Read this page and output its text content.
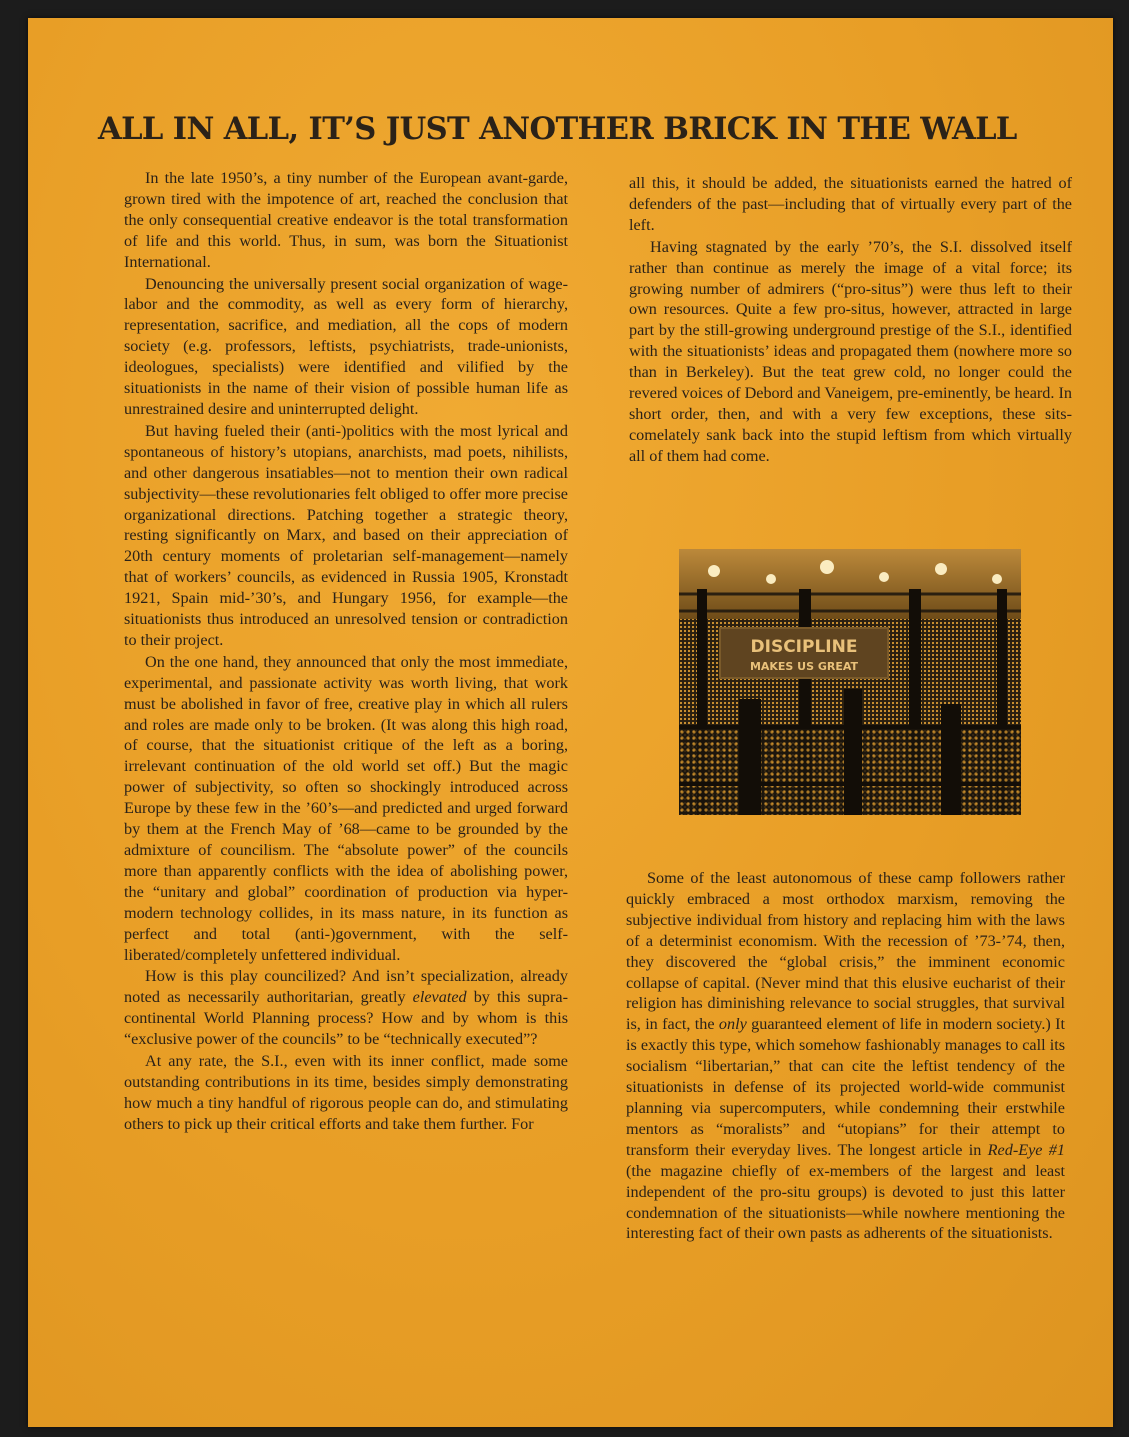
ALL IN ALL, IT’S JUST ANOTHER BRICK IN THE WALL

In the late 1950’s, a tiny number of the European avant-garde, grown tired with the impotence of art, reached the conclusion that the only consequential creative endeavor is the total transformation of life and this world. Thus, in sum, was born the Situationist International.

Denouncing the universally present social organization of wage-labor and the commodity, as well as every form of hierarchy, representation, sacrifice, and mediation, all the cops of modern society (e.g. professors, leftists, psychiatrists, trade-unionists, ideologues, specialists) were identified and vilified by the situationists in the name of their vision of possible human life as unrestrained desire and uninterrupted delight.

But having fueled their (anti-)politics with the most lyrical and spontaneous of history’s utopians, anarchists, mad poets, nihilists, and other dangerous insatiables—not to mention their own radical subjectivity—these revolutionaries felt obliged to offer more precise organizational directions. Patching together a strategic theory, resting significantly on Marx, and based on their appreciation of 20th century moments of proletarian self-management—namely that of workers’ councils, as evidenced in Russia 1905, Kronstadt 1921, Spain mid-’30’s, and Hungary 1956, for example—the situationists thus introduced an unresolved tension or contradiction to their project.

On the one hand, they announced that only the most immediate, experimental, and passionate activity was worth living, that work must be abolished in favor of free, creative play in which all rulers and roles are made only to be broken. (It was along this high road, of course, that the situationist critique of the left as a boring, irrelevant continuation of the old world set off.) But the magic power of subjectivity, so often so shockingly introduced across Europe by these few in the ’60’s—and predicted and urged forward by them at the French May of ’68—came to be grounded by the admixture of councilism. The “absolute power” of the councils more than apparently conflicts with the idea of abolishing power, the “unitary and global” coordination of production via hyper-modern technology collides, in its mass nature, in its function as perfect and total (anti-)government, with the self-liberated/completely unfettered individual.

How is this play councilized? And isn’t specialization, already noted as necessarily authoritarian, greatly elevated by this supra-continental World Planning process? How and by whom is this “exclusive power of the councils” to be “technically executed”?

At any rate, the S.I., even with its inner conflict, made some outstanding contributions in its time, besides simply demonstrating how much a tiny handful of rigorous people can do, and stimulating others to pick up their critical efforts and take them further. For

all this, it should be added, the situationists earned the hatred of defenders of the past—including that of virtually every part of the left.

Having stagnated by the early ’70’s, the S.I. dissolved itself rather than continue as merely the image of a vital force; its growing number of admirers (“pro-situs”) were thus left to their own resources. Quite a few pro-situs, however, attracted in large part by the still-growing underground prestige of the S.I., identified with the situationists’ ideas and propagated them (nowhere more so than in Berkeley). But the teat grew cold, no longer could the revered voices of Debord and Vaneigem, pre-eminently, be heard. In short order, then, and with a very few exceptions, these sits-comelately sank back into the stupid leftism from which virtually all of them had come.

DISCIPLINE
MAKES US GREAT

Some of the least autonomous of these camp followers rather quickly embraced a most orthodox marxism, removing the subjective individual from history and replacing him with the laws of a determinist economism. With the recession of ’73-’74, then, they discovered the “global crisis,” the imminent economic collapse of capital. (Never mind that this elusive eucharist of their religion has diminishing relevance to social struggles, that survival is, in fact, the only guaranteed element of life in modern society.) It is exactly this type, which somehow fashionably manages to call its socialism “libertarian,” that can cite the leftist tendency of the situationists in defense of its projected world-wide communist planning via supercomputers, while condemning their erstwhile mentors as “moralists” and “utopians” for their attempt to transform their everyday lives. The longest article in Red-Eye #1 (the magazine chiefly of ex-members of the largest and least independent of the pro-situ groups) is devoted to just this latter condemnation of the situationists—while nowhere mentioning the interesting fact of their own pasts as adherents of the situationists.
